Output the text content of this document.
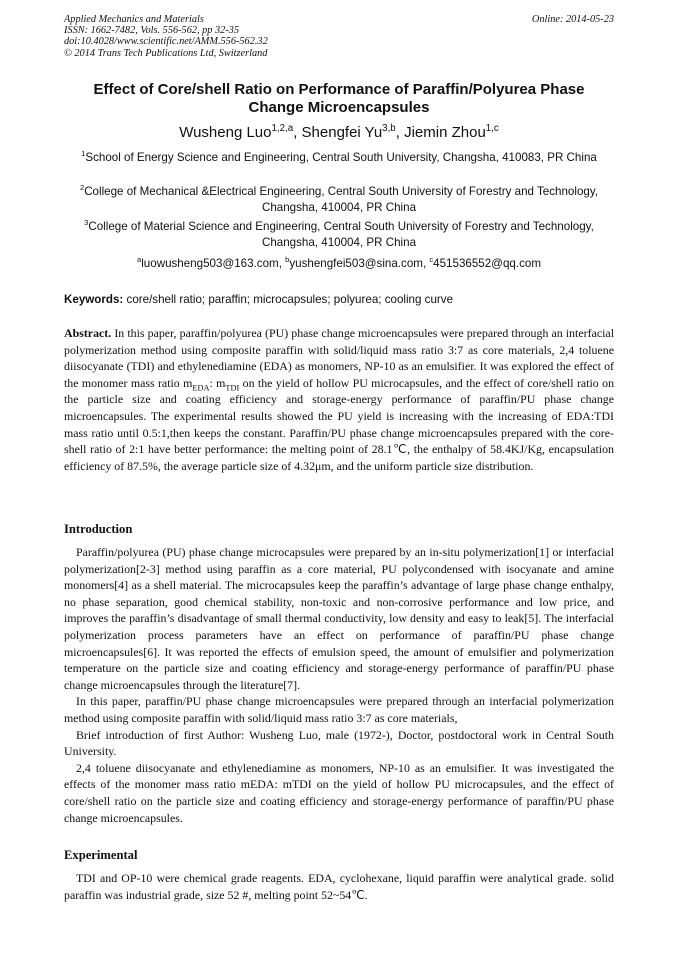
Applied Mechanics and Materials
ISSN: 1662-7482, Vols. 556-562, pp 32-35
doi:10.4028/www.scientific.net/AMM.556-562.32
© 2014 Trans Tech Publications Ltd, Switzerland
Online: 2014-05-23
Effect of Core/shell Ratio on Performance of Paraffin/Polyurea Phase Change Microencapsules
Wusheng Luo$^{1,2,a}$, Shengfei Yu$^{3,b}$, Jiemin Zhou$^{1,c}$
$^1$School of Energy Science and Engineering, Central South University, Changsha, 410083, PR China
$^2$College of Mechanical &Electrical Engineering, Central South University of Forestry and Technology, Changsha, 410004, PR China
$^3$College of Material Science and Engineering, Central South University of Forestry and Technology, Changsha, 410004, PR China
$^a$luowusheng503@163.com, $^b$yushengfei503@sina.com, $^c$451536552@qq.com
Keywords: core/shell ratio; paraffin; microcapsules; polyurea; cooling curve
Abstract. In this paper, paraffin/polyurea (PU) phase change microencapsules were prepared through an interfacial polymerization method using composite paraffin with solid/liquid mass ratio 3:7 as core materials, 2,4 toluene diisocyanate (TDI) and ethylenediamine (EDA) as monomers, NP-10 as an emulsifier. It was explored the effect of the monomer mass ratio $m_{EDA}$: $m_{TDI}$ on the yield of hollow PU microcapsules, and the effect of core/shell ratio on the particle size and coating efficiency and storage-energy performance of paraffin/PU phase change microencapsules. The experimental results showed the PU yield is increasing with the increasing of EDA:TDI mass ratio until 0.5:1,then keeps the constant. Paraffin/PU phase change microencapsules prepared with the core-shell ratio of 2:1 have better performance: the melting point of 28.1℃, the enthalpy of 58.4KJ/Kg, encapsulation efficiency of 87.5%, the average particle size of 4.32μm, and the uniform particle size distribution.
Introduction

Paraffin/polyurea (PU) phase change microcapsules were prepared by an in-situ polymerization[1] or interfacial polymerization[2-3] method using paraffin as a core material, PU polycondensed with isocyanate and amine monomers[4] as a shell material. The microcapsules keep the paraffin’s advantage of large phase change enthalpy, no phase separation, good chemical stability, non-toxic and non-corrosive performance and low price, and improves the paraffin’s disadvantage of small thermal conductivity, low density and easy to leak[5]. The interfacial polymerization process parameters have an effect on performance of paraffin/PU phase change microencapsules[6]. It was reported the effects of emulsion speed, the amount of emulsifier and polymerization temperature on the particle size and coating efficiency and storage-energy performance of paraffin/PU phase change microencapsules through the literature[7].

In this paper, paraffin/PU phase change microencapsules were prepared through an interfacial polymerization method using composite paraffin with solid/liquid mass ratio 3:7 as core materials,

Brief introduction of first Author: Wusheng Luo, male (1972-), Doctor, postdoctoral work in Central South University.

2,4 toluene diisocyanate and ethylenediamine as monomers, NP-10 as an emulsifier. It was investigated the effects of the monomer mass ratio mEDA: mTDI on the yield of hollow PU microcapsules, and the effect of core/shell ratio on the particle size and coating efficiency and storage-energy performance of paraffin/PU phase change microencapsules.

Experimental

TDI and OP-10 were chemical grade reagents. EDA, cyclohexane, liquid paraffin were analytical grade. solid paraffin was industrial grade, size 52 #, melting point 52~54℃.
